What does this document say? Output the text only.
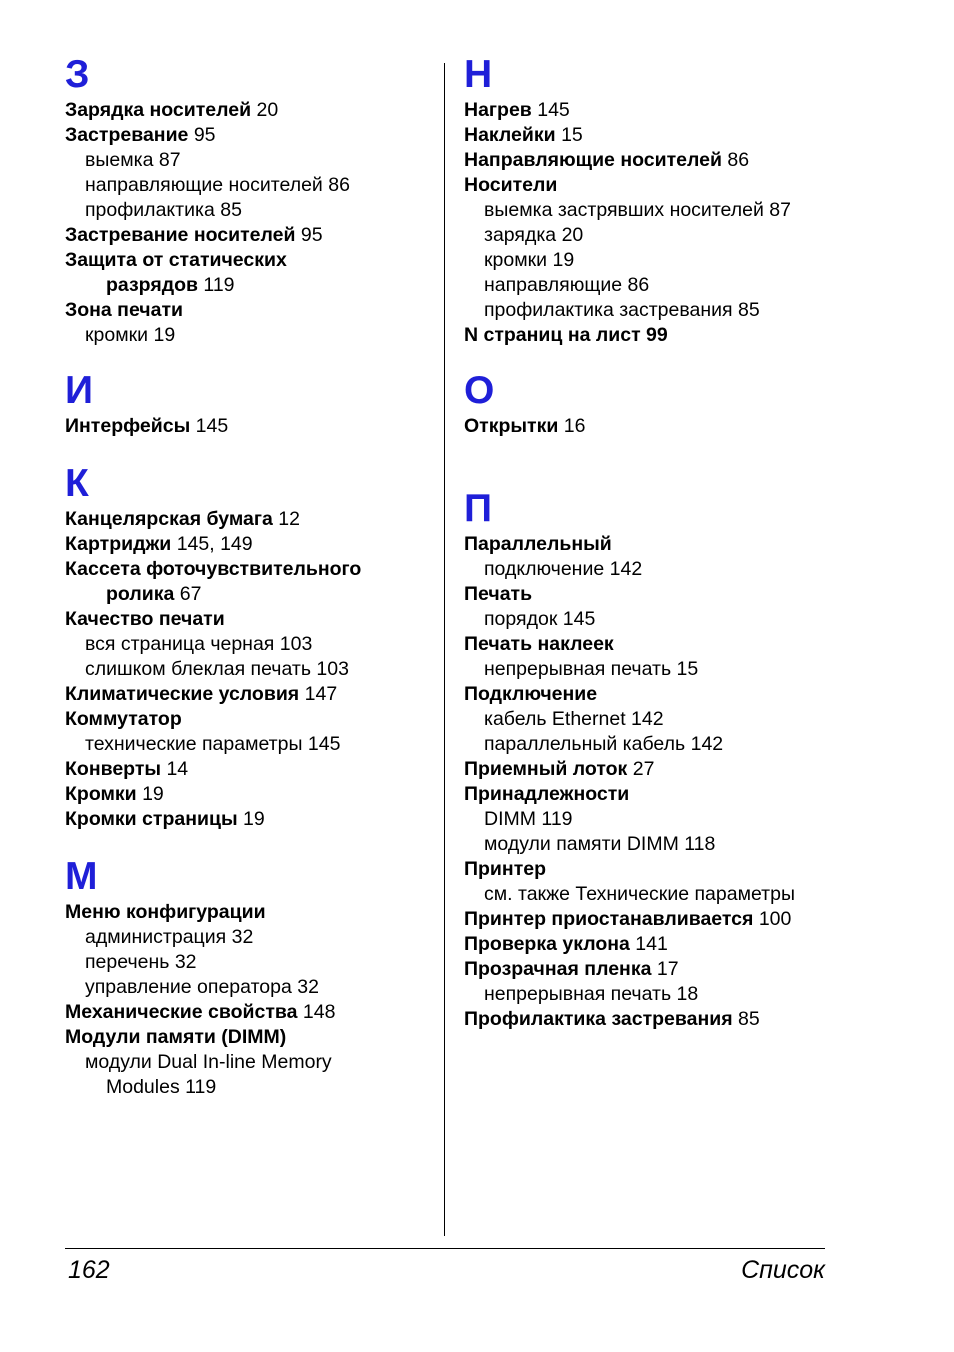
З
Зарядка носителей 20
Застревание 95
выемка 87
направляющие носителей 86
профилактика 85
Застревание носителей 95
Защита от статических
разрядов 119
Зона печати
кромки 19
И
Интерфейсы 145
К
Канцелярская бумага 12
Картриджи 145, 149
Кассета фоточувствительного
ролика 67
Качество печати
вся страница черная 103
слишком блеклая печать 103
Климатические условия 147
Коммутатор
технические параметры 145
Конверты 14
Кромки 19
Кромки страницы 19
М
Меню конфигурации
администрация 32
перечень 32
управление оператора 32
Механические свойства 148
Модули памяти (DIMM)
модули Dual In-line Memory
Modules 119
Н
Нагрев 145
Наклейки 15
Направляющие носителей 86
Носители
выемка застрявших носителей 87
зарядка 20
кромки 19
направляющие 86
профилактика застревания 85
N страниц на лист 99
О
Открытки 16
П
Параллельный
подключение 142
Печать
порядок 145
Печать наклеек
непрерывная печать 15
Подключение
кабель Ethernet 142
параллельный кабель 142
Приемный лоток 27
Принадлежности
DIMM 119
модули памяти DIMM 118
Принтер
см. также Технические параметры
Принтер приостанавливается 100
Проверка уклона 141
Прозрачная пленка 17
непрерывная печать 18
Профилактика застревания 85
162	Список
